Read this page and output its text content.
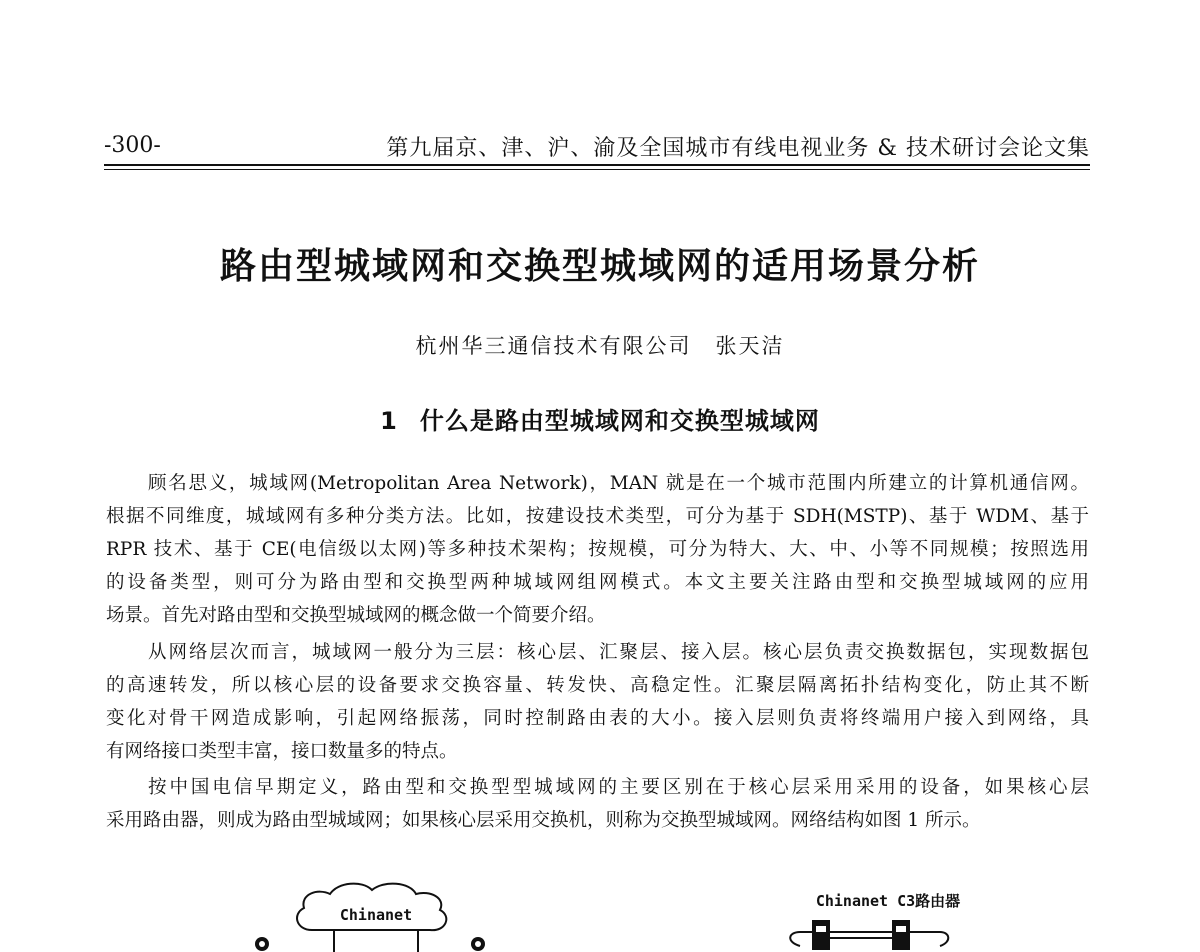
-300-	第九届京、津、沪、渝及全国城市有线电视业务 & 技术研讨会论文集
路由型城域网和交换型城域网的适用场景分析
杭州华三通信技术有限公司 张天洁
1 什么是路由型城域网和交换型城域网
顾名思义，城域网(Metropolitan Area Network)，MAN 就是在一个城市范围内所建立的计算机通信网。
根据不同维度，城域网有多种分类方法。比如，按建设技术类型，可分为基于 SDH(MSTP)、基于 WDM、基于
RPR 技术、基于 CE(电信级以太网)等多种技术架构；按规模，可分为特大、大、中、小等不同规模；按照选用
的设备类型，则可分为路由型和交换型两种城域网组网模式。本文主要关注路由型和交换型城域网的应用
场景。首先对路由型和交换型城域网的概念做一个简要介绍。
从网络层次而言，城域网一般分为三层：核心层、汇聚层、接入层。核心层负责交换数据包，实现数据包
的高速转发，所以核心层的设备要求交换容量、转发快、高稳定性。汇聚层隔离拓扑结构变化，防止其不断
变化对骨干网造成影响，引起网络振荡，同时控制路由表的大小。接入层则负责将终端用户接入到网络，具
有网络接口类型丰富，接口数量多的特点。
按中国电信早期定义，路由型和交换型型城域网的主要区别在于核心层采用采用的设备，如果核心层
采用路由器，则成为路由型城域网；如果核心层采用交换机，则称为交换型城域网。网络结构如图 1 所示。
Chinanet
Chinanet C3路由器
